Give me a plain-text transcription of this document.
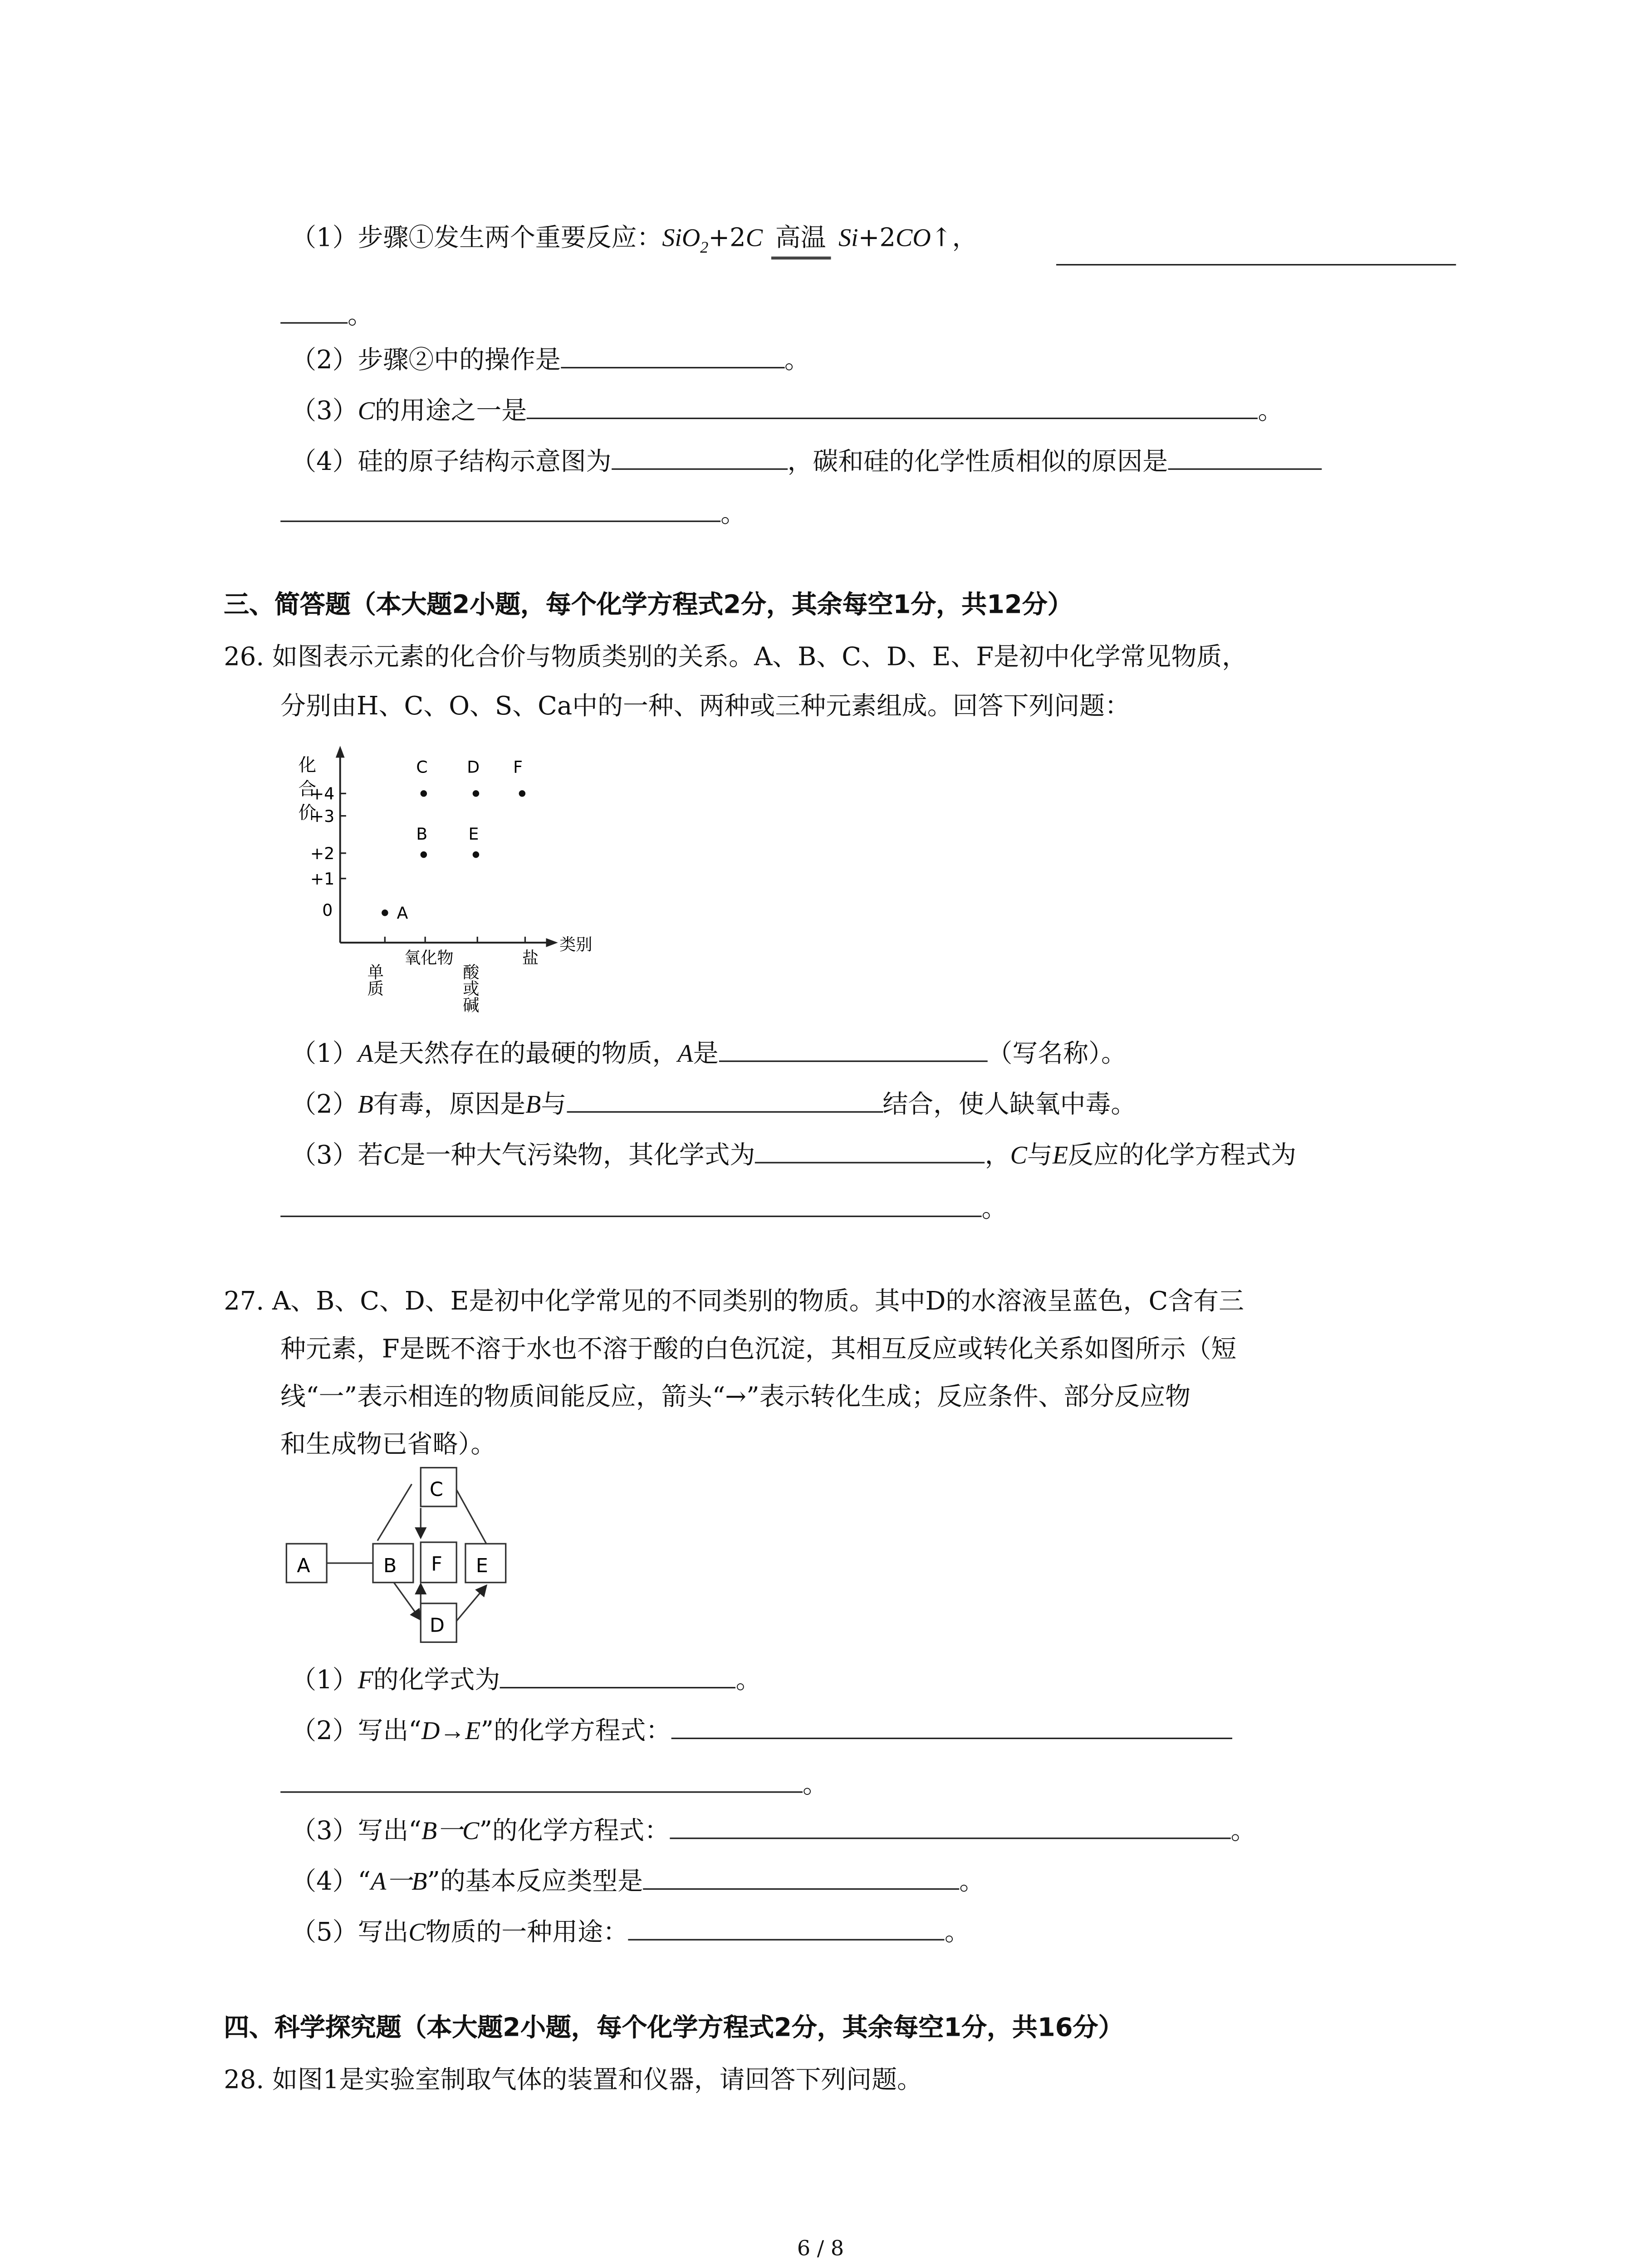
（1）步骤①发生两个重要反应：SiO$_2$+2C 高温 Si+2CO↑，
。
（2）步骤②中的操作是	。
（3）C的用途之一是	。
（4）硅的原子结构示意图为	，碳和硅的化学性质相似的原因是
。
三、简答题（本大题2小题，每个化学方程式2分，其余每空1分，共12分）
26. 如图表示元素的化合价与物质类别的关系。A、B、C、D、E、F是初中化学常见物质，
分别由H、C、O、S、Ca中的一种、两种或三种元素组成。回答下列问题：
化
合
价
+4
+3
+2
+1
0	A
B
C	D
E
F
单质
氧化物
酸或碱
盐
类别
（1）A是天然存在的最硬的物质，A是	（写名称）。
（2）B有毒，原因是B与	结合，使人缺氧中毒。
（3）若C是一种大气污染物，其化学式为	，C与E反应的化学方程式为
。
27. A、B、C、D、E是初中化学常见的不同类别的物质。其中D的水溶液呈蓝色，C含有三
种元素，F是既不溶于水也不溶于酸的白色沉淀，其相互反应或转化关系如图所示（短
线“一”表示相连的物质间能反应，箭头“→”表示转化生成；反应条件、部分反应物
和生成物已省略）。
A	B
C
F	E
D
（1）F的化学式为	。
（2）写出“D→E”的化学方程式：
。
（3）写出“B一C”的化学方程式：	。
（4）“A一B”的基本反应类型是	。
（5）写出C物质的一种用途：	。
四、科学探究题（本大题2小题，每个化学方程式2分，其余每空1分，共16分）
28. 如图1是实验室制取气体的装置和仪器，请回答下列问题。
6 / 8
